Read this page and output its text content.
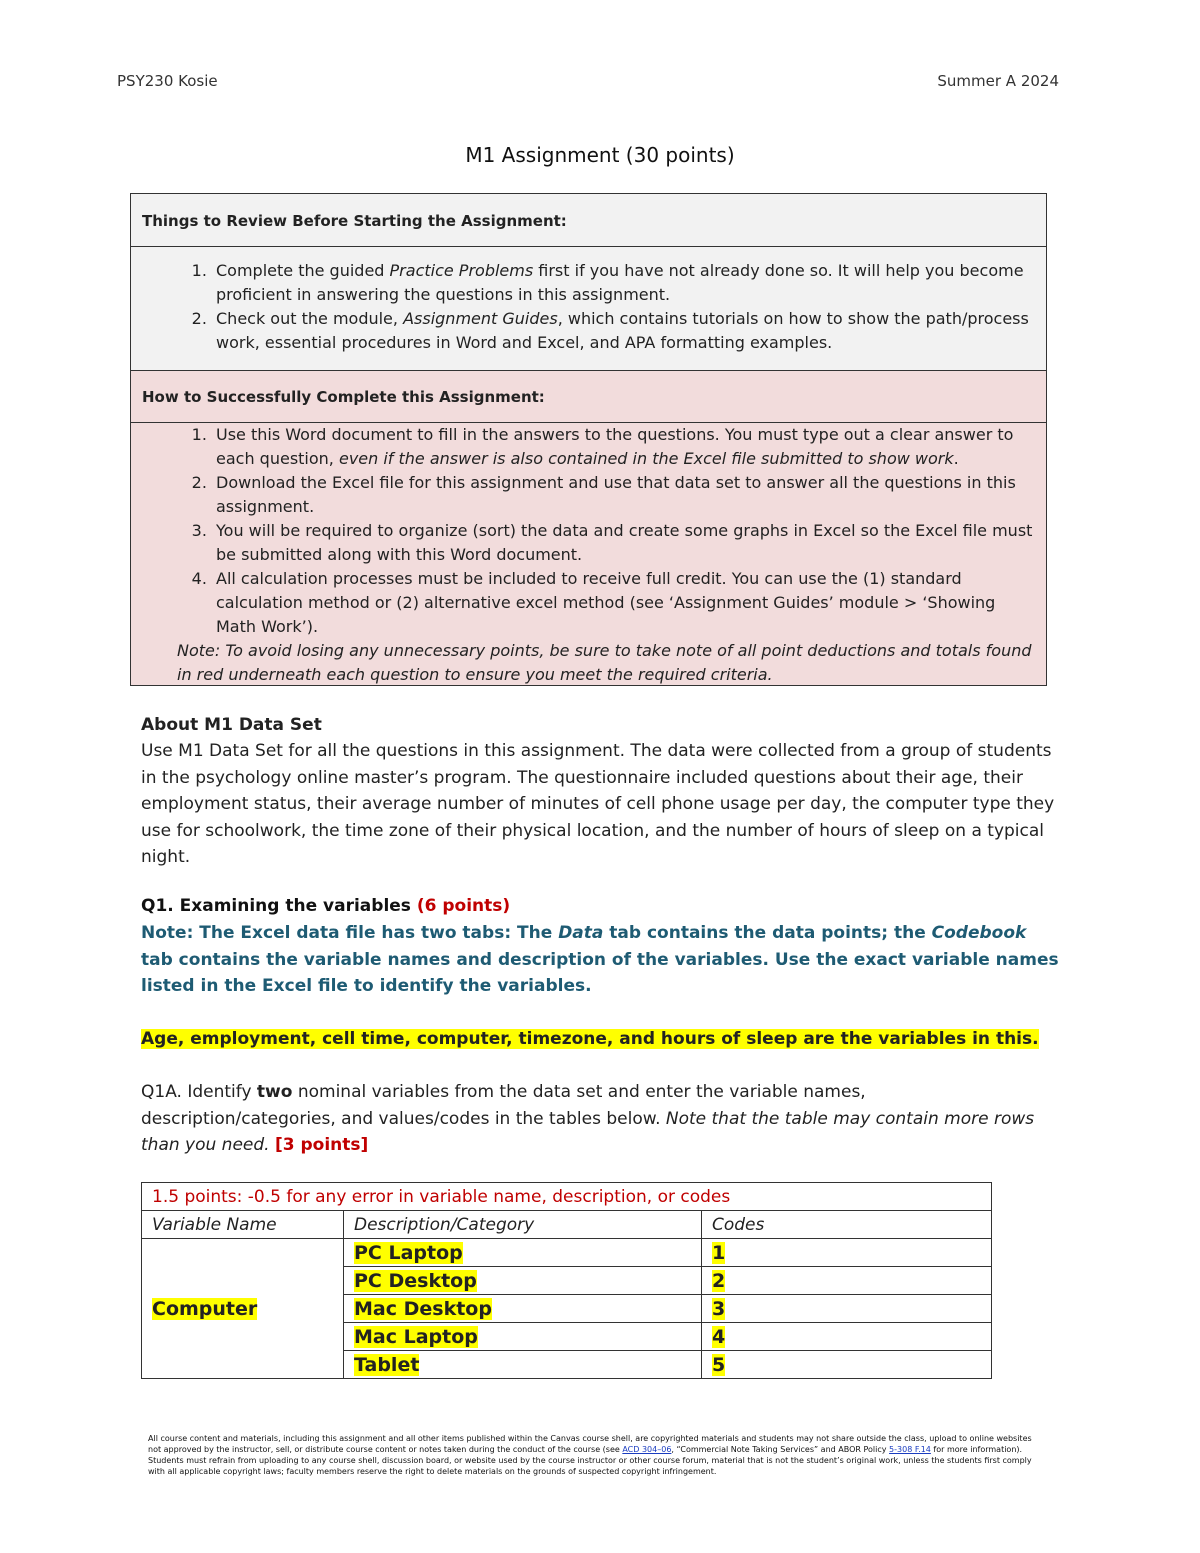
PSY230 Kosie	Summer A 2024
M1 Assignment (30 points)
Things to Review Before Starting the Assignment:
1. Complete the guided Practice Problems first if you have not already done so. It will help you become proficient in answering the questions in this assignment.
2. Check out the module, Assignment Guides, which contains tutorials on how to show the path/process work, essential procedures in Word and Excel, and APA formatting examples.
How to Successfully Complete this Assignment:
1. Use this Word document to fill in the answers to the questions. You must type out a clear answer to each question, even if the answer is also contained in the Excel file submitted to show work.
2. Download the Excel file for this assignment and use that data set to answer all the questions in this assignment.
3. You will be required to organize (sort) the data and create some graphs in Excel so the Excel file must be submitted along with this Word document.
4. All calculation processes must be included to receive full credit. You can use the (1) standard calculation method or (2) alternative excel method (see ‘Assignment Guides’ module > ‘Showing Math Work’).
Note: To avoid losing any unnecessary points, be sure to take note of all point deductions and totals found in red underneath each question to ensure you meet the required criteria.
About M1 Data Set
Use M1 Data Set for all the questions in this assignment. The data were collected from a group of students in the psychology online master’s program. The questionnaire included questions about their age, their employment status, their average number of minutes of cell phone usage per day, the computer type they use for schoolwork, the time zone of their physical location, and the number of hours of sleep on a typical night.
Q1. Examining the variables (6 points)
Note: The Excel data file has two tabs: The Data tab contains the data points; the Codebook tab contains the variable names and description of the variables. Use the exact variable names listed in the Excel file to identify the variables.
Age, employment, cell time, computer, timezone, and hours of sleep are the variables in this.
Q1A. Identify two nominal variables from the data set and enter the variable names, description/categories, and values/codes in the tables below. Note that the table may contain more rows than you need. [3 points]
1.5 points: -0.5 for any error in variable name, description, or codes		
Variable Name	Description/Category	Codes
Computer	PC Laptop	1
	PC Desktop	2
	Mac Desktop	3
	Mac Laptop	4
	Tablet	5
All course content and materials, including this assignment and all other items published within the Canvas course shell, are copyrighted materials and students may not share outside the class, upload to online websites not approved by the instructor, sell, or distribute course content or notes taken during the conduct of the course (see ACD 304–06, “Commercial Note Taking Services” and ABOR Policy 5-308 F.14 for more information). Students must refrain from uploading to any course shell, discussion board, or website used by the course instructor or other course forum, material that is not the student’s original work, unless the students first comply with all applicable copyright laws; faculty members reserve the right to delete materials on the grounds of suspected copyright infringement.
